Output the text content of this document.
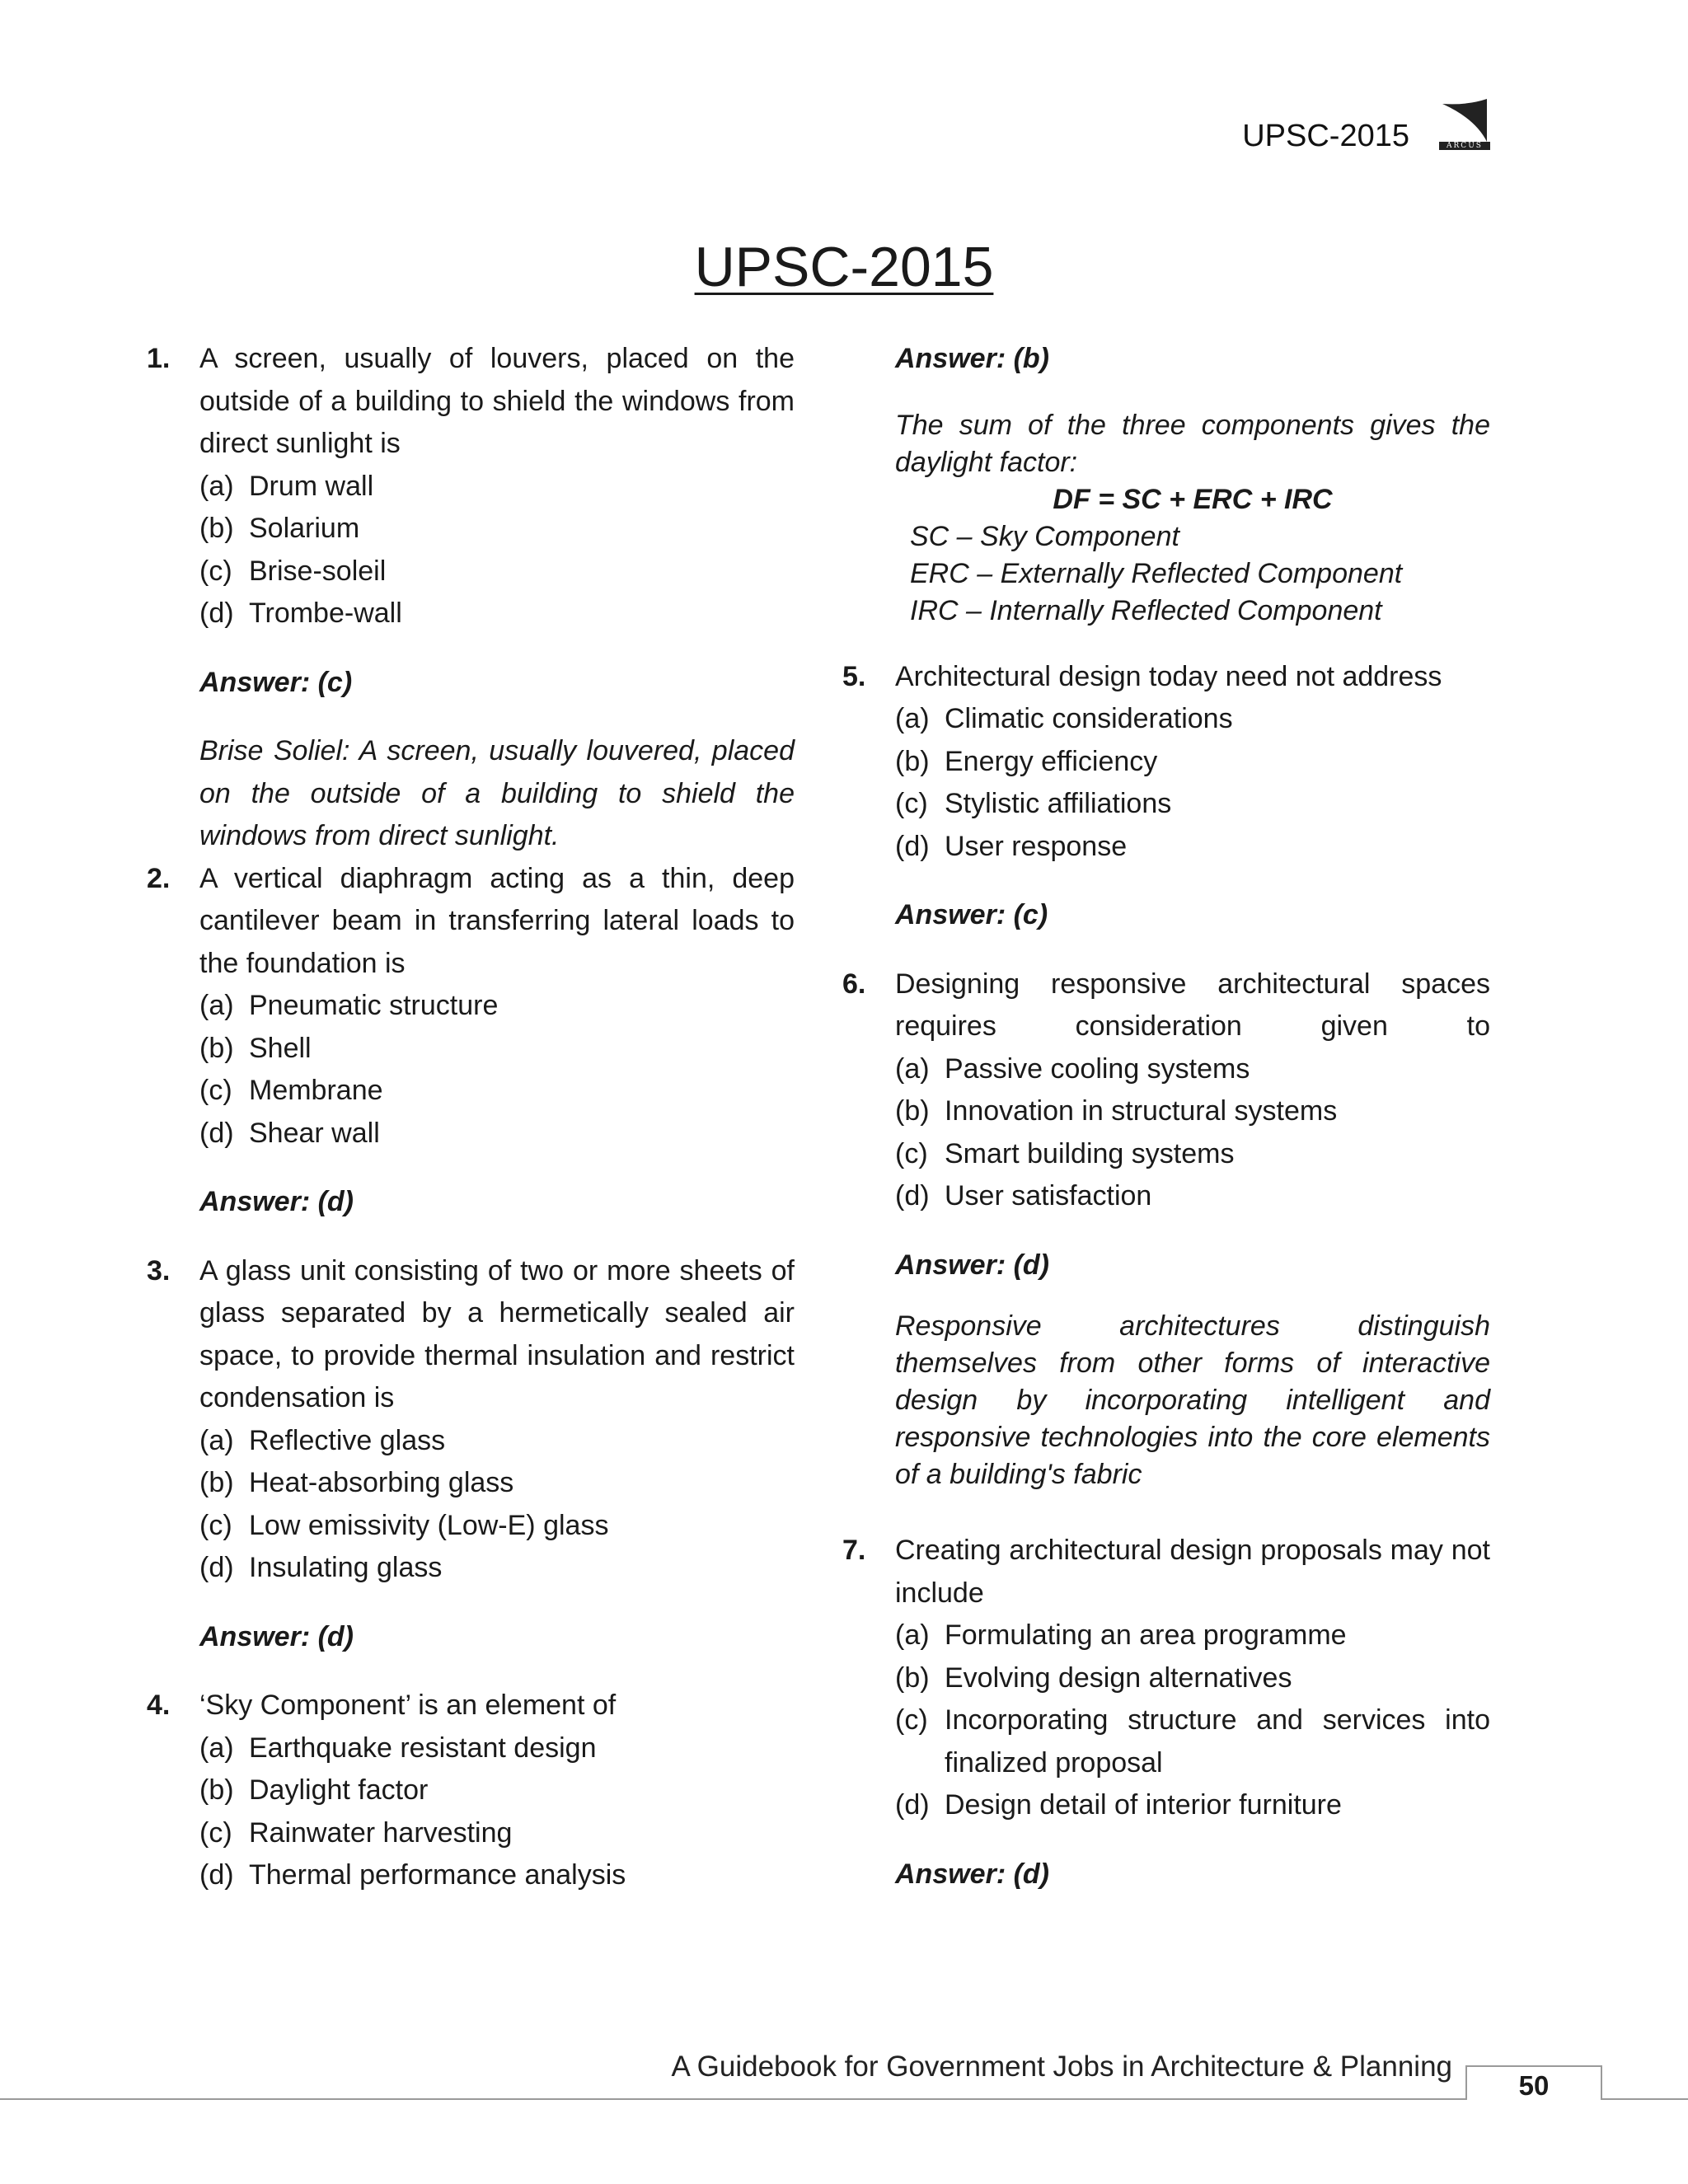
UPSC-2015	ARCUS
UPSC-2015
1. A screen, usually of louvers, placed on the outside of a building to shield the windows from direct sunlight is
(a) Drum wall
(b) Solarium
(c) Brise-soleil
(d) Trombe-wall

Answer: (c)

Brise Soliel: A screen, usually louvered, placed on the outside of a building to shield the windows from direct sunlight.
2. A vertical diaphragm acting as a thin, deep cantilever beam in transferring lateral loads to the foundation is
(a) Pneumatic structure
(b) Shell
(c) Membrane
(d) Shear wall

Answer: (d)

3. A glass unit consisting of two or more sheets of glass separated by a hermetically sealed air space, to provide thermal insulation and restrict condensation is
(a) Reflective glass
(b) Heat-absorbing glass
(c) Low emissivity (Low-E) glass
(d) Insulating glass

Answer: (d)

4. ‘Sky Component’ is an element of
(a) Earthquake resistant design
(b) Daylight factor
(c) Rainwater harvesting
(d) Thermal performance analysis

Answer: (b)

The sum of the three components gives the daylight factor:
DF = SC + ERC + IRC
SC – Sky Component
ERC – Externally Reflected Component
IRC – Internally Reflected Component
5. Architectural design today need not address
(a) Climatic considerations
(b) Energy efficiency
(c) Stylistic affiliations
(d) User response

Answer: (c)

6. Designing responsive architectural spaces requires consideration given to
(a) Passive cooling systems
(b) Innovation in structural systems
(c) Smart building systems
(d) User satisfaction

Answer: (d)

Responsive architectures distinguish themselves from other forms of interactive design by incorporating intelligent and responsive technologies into the core elements of a building's fabric
7. Creating architectural design proposals may not include
(a) Formulating an area programme
(b) Evolving design alternatives
(c) Incorporating structure and services into finalized proposal
(d) Design detail of interior furniture

Answer: (d)

A Guidebook for Government Jobs in Architecture & Planning
50
